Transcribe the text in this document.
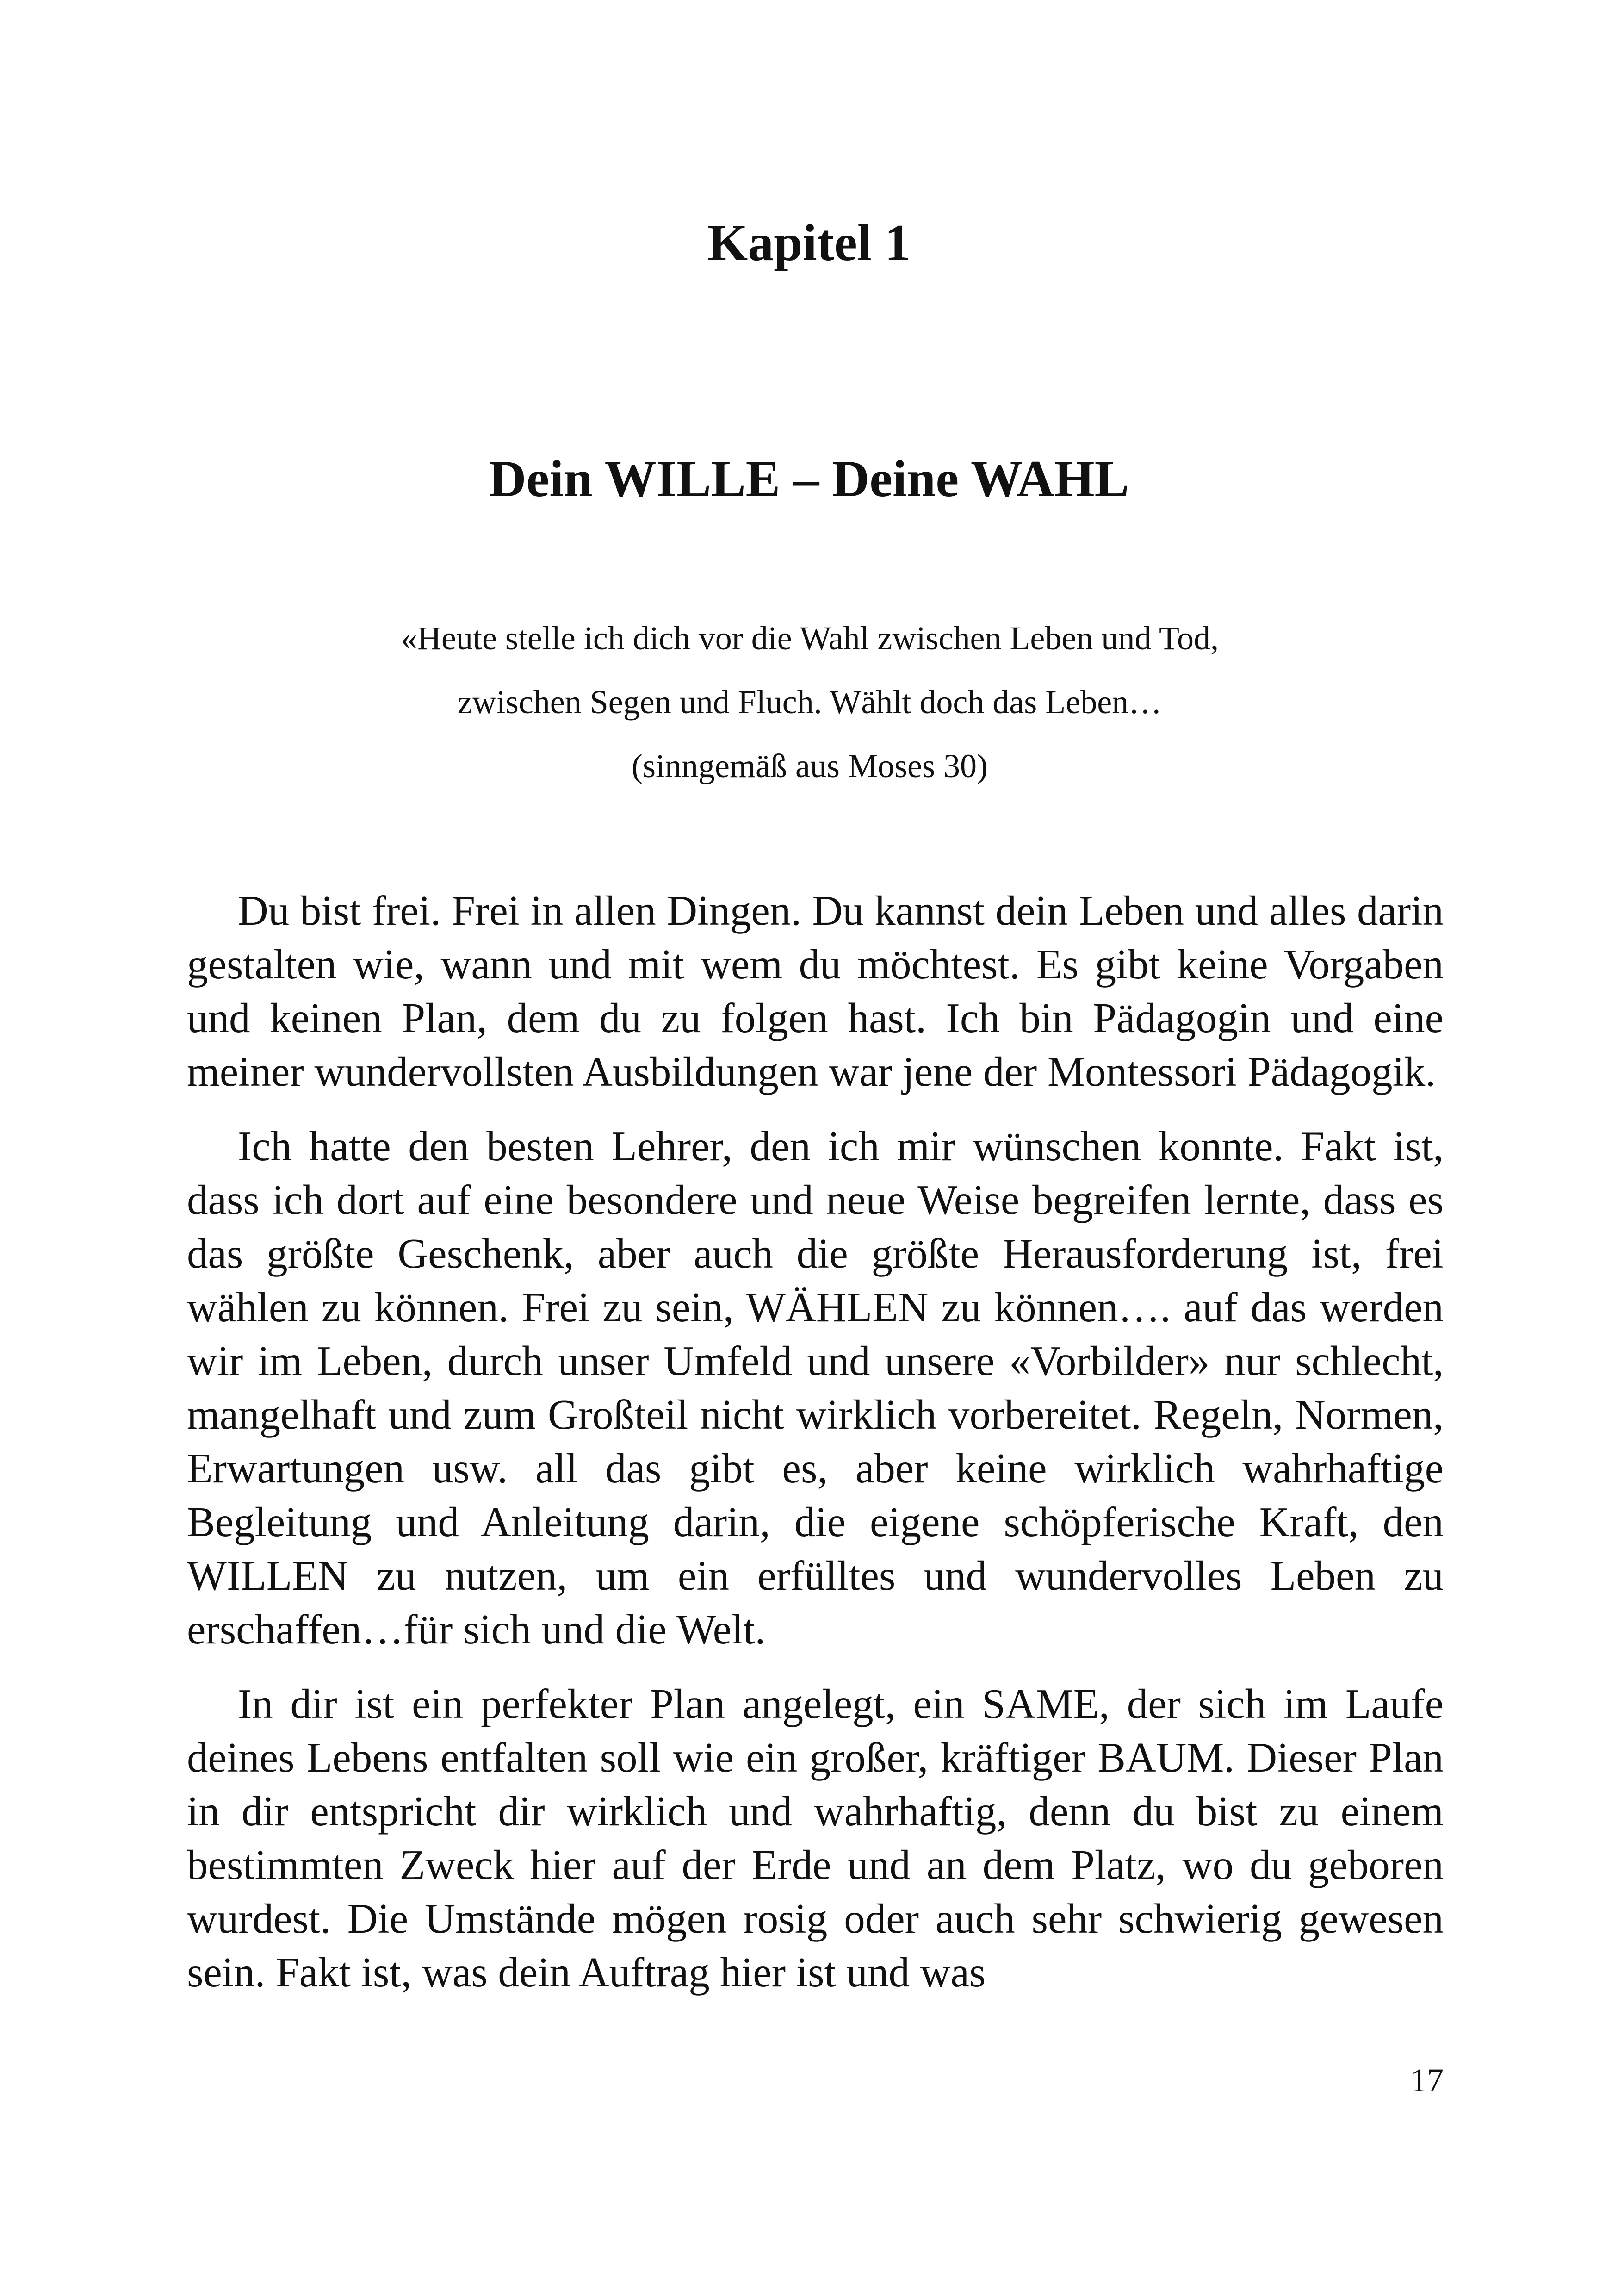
Kapitel 1
Dein WILLE – Deine WAHL
«Heute stelle ich dich vor die Wahl zwischen Leben und Tod,
zwischen Segen und Fluch. Wählt doch das Leben…
(sinngemäß aus Moses 30)

Du bist frei. Frei in allen Dingen. Du kannst dein Leben und alles darin gestalten wie, wann und mit wem du möchtest. Es gibt keine Vorgaben und keinen Plan, dem du zu folgen hast. Ich bin Pädagogin und eine meiner wundervollsten Ausbildungen war jene der Montessori Pädagogik.

Ich hatte den besten Lehrer, den ich mir wünschen konnte. Fakt ist, dass ich dort auf eine besondere und neue Weise begreifen lernte, dass es das größte Geschenk, aber auch die größte Herausforderung ist, frei wählen zu können. Frei zu sein, WÄHLEN zu können…. auf das werden wir im Leben, durch unser Umfeld und unsere «Vorbilder» nur schlecht, mangelhaft und zum Großteil nicht wirklich vorbereitet. Regeln, Normen, Erwartungen usw. all das gibt es, aber keine wirklich wahrhaftige Begleitung und Anleitung darin, die eigene schöpferische Kraft, den WILLEN zu nutzen, um ein erfülltes und wundervolles Leben zu erschaffen…für sich und die Welt.

In dir ist ein perfekter Plan angelegt, ein SAME, der sich im Laufe deines Lebens entfalten soll wie ein großer, kräftiger BAUM. Dieser Plan in dir entspricht dir wirklich und wahrhaftig, denn du bist zu einem bestimmten Zweck hier auf der Erde und an dem Platz, wo du geboren wurdest. Die Umstände mögen rosig oder auch sehr schwierig gewesen sein. Fakt ist, was dein Auftrag hier ist und was

17
